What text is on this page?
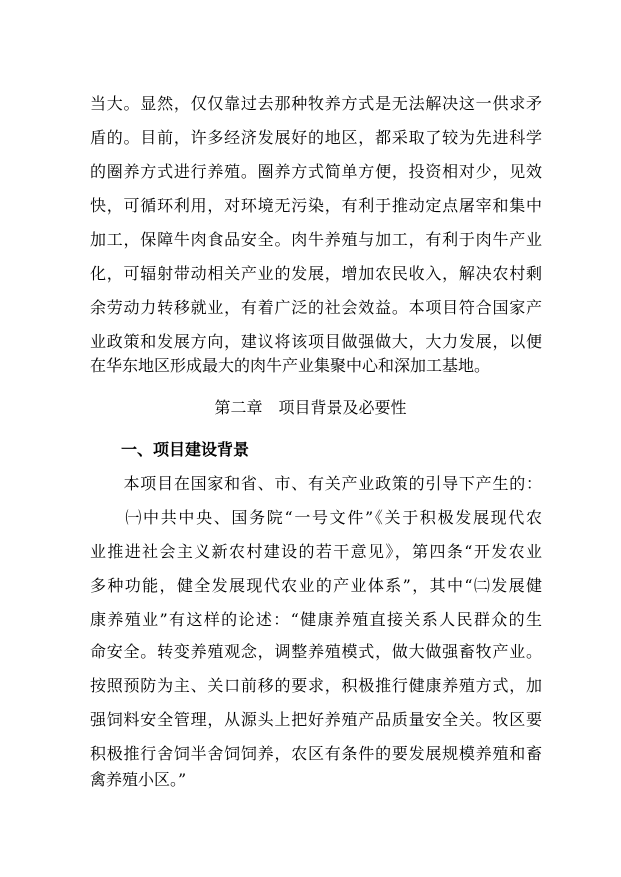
当大。显然，仅仅靠过去那种牧养方式是无法解决这一供求矛
盾的。目前，许多经济发展好的地区，都采取了较为先进科学
的圈养方式进行养殖。圈养方式简单方便，投资相对少，见效
快，可循环利用，对环境无污染，有利于推动定点屠宰和集中
加工，保障牛肉食品安全。肉牛养殖与加工，有利于肉牛产业
化，可辐射带动相关产业的发展，增加农民收入，解决农村剩
余劳动力转移就业，有着广泛的社会效益。本项目符合国家产
业政策和发展方向，建议将该项目做强做大，大力发展，以便
在华东地区形成最大的肉牛产业集聚中心和深加工基地。
第二章　项目背景及必要性
一、项目建设背景
　　本项目在国家和省、市、有关产业政策的引导下产生的：
　　㈠中共中央、国务院“一号文件”《关于积极发展现代农
业推进社会主义新农村建设的若干意见》，第四条“开发农业
多种功能，健全发展现代农业的产业体系”，其中“㈡发展健
康养殖业”有这样的论述：“健康养殖直接关系人民群众的生
命安全。转变养殖观念，调整养殖模式，做大做强畜牧产业。
按照预防为主、关口前移的要求，积极推行健康养殖方式，加
强饲料安全管理，从源头上把好养殖产品质量安全关。牧区要
积极推行舍饲半舍饲饲养，农区有条件的要发展规模养殖和畜
禽养殖小区。”
